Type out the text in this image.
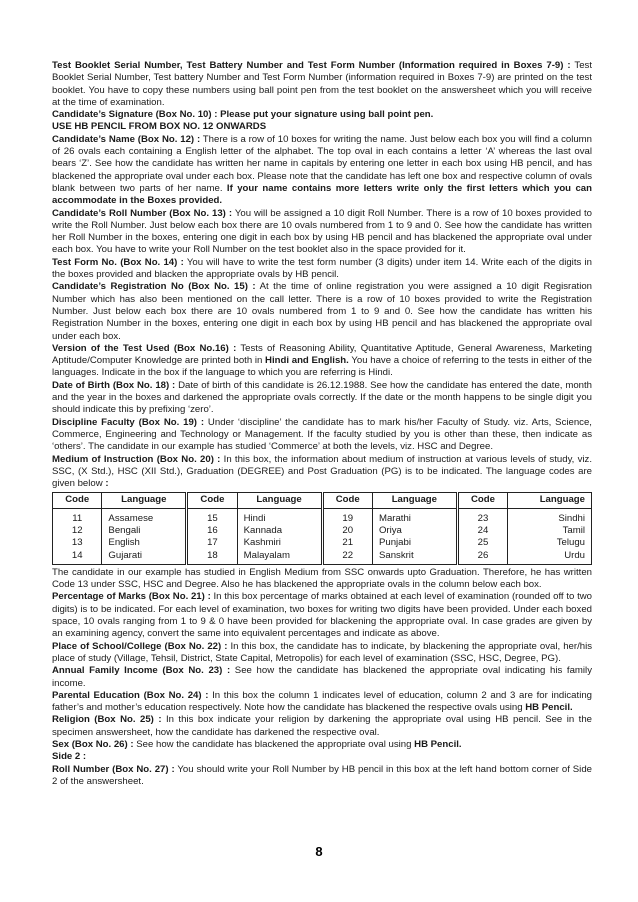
Test Booklet Serial Number, Test Battery Number and Test Form Number (Information required in Boxes 7-9) : Test Booklet Serial Number, Test battery Number and Test Form Number (information required in Boxes 7-9) are printed on the test booklet. You have to copy these numbers using ball point pen from the test booklet on the answersheet which you will receive at the time of examination.

Candidate’s Signature (Box No. 10) : Please put your signature using ball point pen.

USE HB PENCIL FROM BOX NO. 12 ONWARDS

Candidate’s Name (Box No. 12) : There is a row of 10 boxes for writing the name. Just below each box you will find a column of 26 ovals each containing a English letter of the alphabet. The top oval in each contains a letter ‘A’ whereas the last oval bears ‘Z’. See how the candidate has written her name in capitals by entering one letter in each box using HB pencil, and has blackened the appropriate oval under each box. Please note that the candidate has left one box and respective column of ovals blank between two parts of her name. If your name contains more letters write only the first letters which you can accommodate in the Boxes provided.

Candidate’s Roll Number (Box No. 13) : You will be assigned a 10 digit Roll Number. There is a row of 10 boxes provided to write the Roll Number. Just below each box there are 10 ovals numbered from 1 to 9 and 0. See how the candidate has written her Roll Number in the boxes, entering one digit in each box by using HB pencil and has blackened the appropriate oval under each box. You have to write your Roll Number on the test booklet also in the space provided for it.

Test Form No. (Box No. 14) : You will have to write the test form number (3 digits) under item 14. Write each of the digits in the boxes provided and blacken the appropriate ovals by HB pencil.

Candidate’s Registration No (Box No. 15) : At the time of online registration you were assigned a 10 digit Regisration Number which has also been mentioned on the call letter. There is a row of 10 boxes provided to write the Registration Number. Just below each box there are 10 ovals numbered from 1 to 9 and 0. See how the candidate has written his Registration Number in the boxes, entering one digit in each box by using HB pencil and has blackened the appropriate oval under each box.

Version of the Test Used (Box No.16) : Tests of Reasoning Ability, Quantitative Aptitude, General Awareness, Marketing Aptitude/Computer Knowledge are printed both in Hindi and English. You have a choice of referring to the tests in either of the languages. Indicate in the box if the language to which you are referring is Hindi.

Date of Birth (Box No. 18) : Date of birth of this candidate is 26.12.1988. See how the candidate has entered the date, month and the year in the boxes and darkened the appropriate ovals correctly. If the date or the month happens to be single digit you should indicate this by prefixing ‘zero’.

Discipline Faculty (Box No. 19) : Under ‘discipline’ the candidate has to mark his/her Faculty of Study. viz. Arts, Science, Commerce, Engineering and Technology or Management. If the faculty studied by you is other than these, then indicate as ‘others’. The candidate in our example has studied ‘Commerce’ at both the levels, viz. HSC and Degree.

Medium of Instruction (Box No. 20) : In this box, the information about medium of instruction at various levels of study, viz. SSC, (X Std.), HSC (XII Std.), Graduation (DEGREE) and Post Graduation (PG) is to be indicated. The language codes are given below :

Code	Language	Code	Language	Code	Language	Code	Language
11	Assamese	15	Hindi	19	Marathi	23	Sindhi
12	Bengali	16	Kannada	20	Oriya	24	Tamil
13	English	17	Kashmiri	21	Punjabi	25	Telugu
14	Gujarati	18	Malayalam	22	Sanskrit	26	Urdu

The candidate in our example has studied in English Medium from SSC onwards upto Graduation. Therefore, he has written Code 13 under SSC, HSC and Degree. Also he has blackened the appropriate ovals in the column below each box.

Percentage of Marks (Box No. 21) : In this box percentage of marks obtained at each level of examination (rounded off to two digits) is to be indicated. For each level of examination, two boxes for writing two digits have been provided. Under each boxed space, 10 ovals ranging from 1 to 9 & 0 have been provided for blackening the appropriate oval. In case grades are given by an examining agency, convert the same into equivalent percentages and indicate as above.

Place of School/College (Box No. 22) : In this box, the candidate has to indicate, by blackening the appropriate oval, her/his place of study (Village, Tehsil, District, State Capital, Metropolis) for each level of examination (SSC, HSC, Degree, PG).

Annual Family Income (Box No. 23) : See how the candidate has blackened the appropriate oval indicating his family income.

Parental Education (Box No. 24) : In this box the column 1 indicates level of education, column 2 and 3 are for indicating father’s and mother’s education respectively. Note how the candidate has blackened the respective ovals using HB Pencil.

Religion (Box No. 25) : In this box indicate your religion by darkening the appropriate oval using HB pencil. See in the specimen answersheet, how the candidate has darkened the respective oval.

Sex (Box No. 26) : See how the candidate has blackened the appropriate oval using HB Pencil.

Side 2 :

Roll Number (Box No. 27) : You should write your Roll Number by HB pencil in this box at the left hand bottom corner of Side 2 of the answersheet.

8
